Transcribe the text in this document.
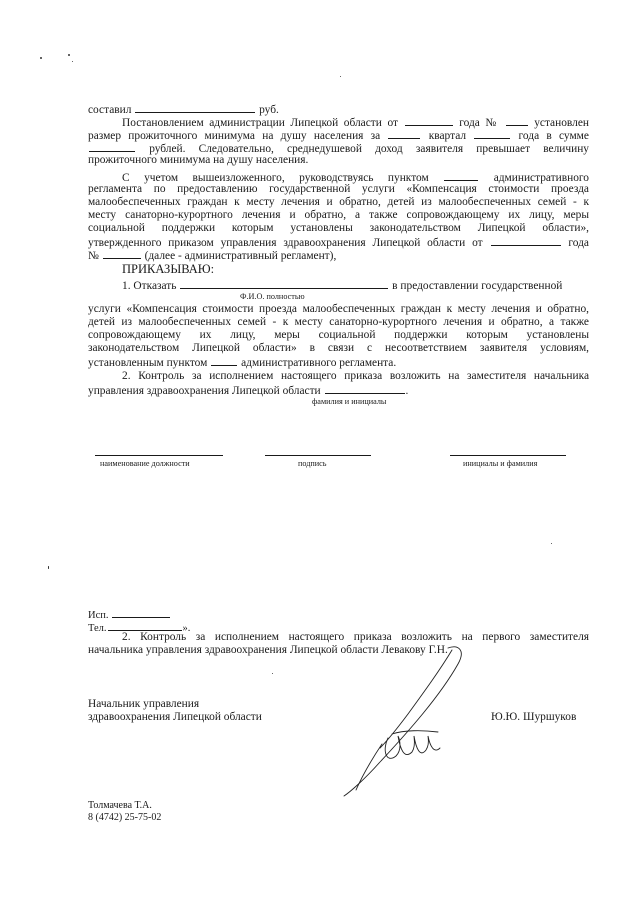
составил	руб.
Постановлением администрации Липецкой области от	года №	установлен
размер прожиточного минимума на душу населения за	квартал	года в сумме
рублей. Следовательно, среднедушевой доход заявителя превышает величину
прожиточного минимума на душу населения.
С учетом вышеизложенного, руководствуясь пунктом	административного
регламента по предоставлению государственной услуги «Компенсация стоимости проезда
малообеспеченных граждан к месту лечения и обратно, детей из малообеспеченных семей - к
месту санаторно-курортного лечения и обратно, а также сопровождающему их лицу, меры
социальной поддержки которым установлены законодательством Липецкой области»,
утвержденного приказом управления здравоохранения Липецкой области от	года
№	(далее - административный регламент),
ПРИКАЗЫВАЮ:
1. Отказать	в предоставлении государственной
Ф.И.О. полностью
услуги «Компенсация стоимости проезда малообеспеченных граждан к месту лечения и обратно,
детей из малообеспеченных семей - к месту санаторно-курортного лечения и обратно, а также
сопровождающему их лицу, меры социальной поддержки которым установлены
законодательством Липецкой области» в связи с несоответствием заявителя условиям,
установленным пунктом	административного регламента.
2. Контроль за исполнением настоящего приказа возложить на заместителя начальника
управления здравоохранения Липецкой области	.
фамилия и инициалы
наименование должности	подпись	инициалы и фамилия
Исп.
Тел.	».
2. Контроль за исполнением настоящего приказа возложить на первого заместителя
начальника управления здравоохранения Липецкой области Левакову Г.Н.
Начальник управления
здравоохранения Липецкой области	Ю.Ю. Шуршуков
Толмачева Т.А.
8 (4742) 25-75-02
